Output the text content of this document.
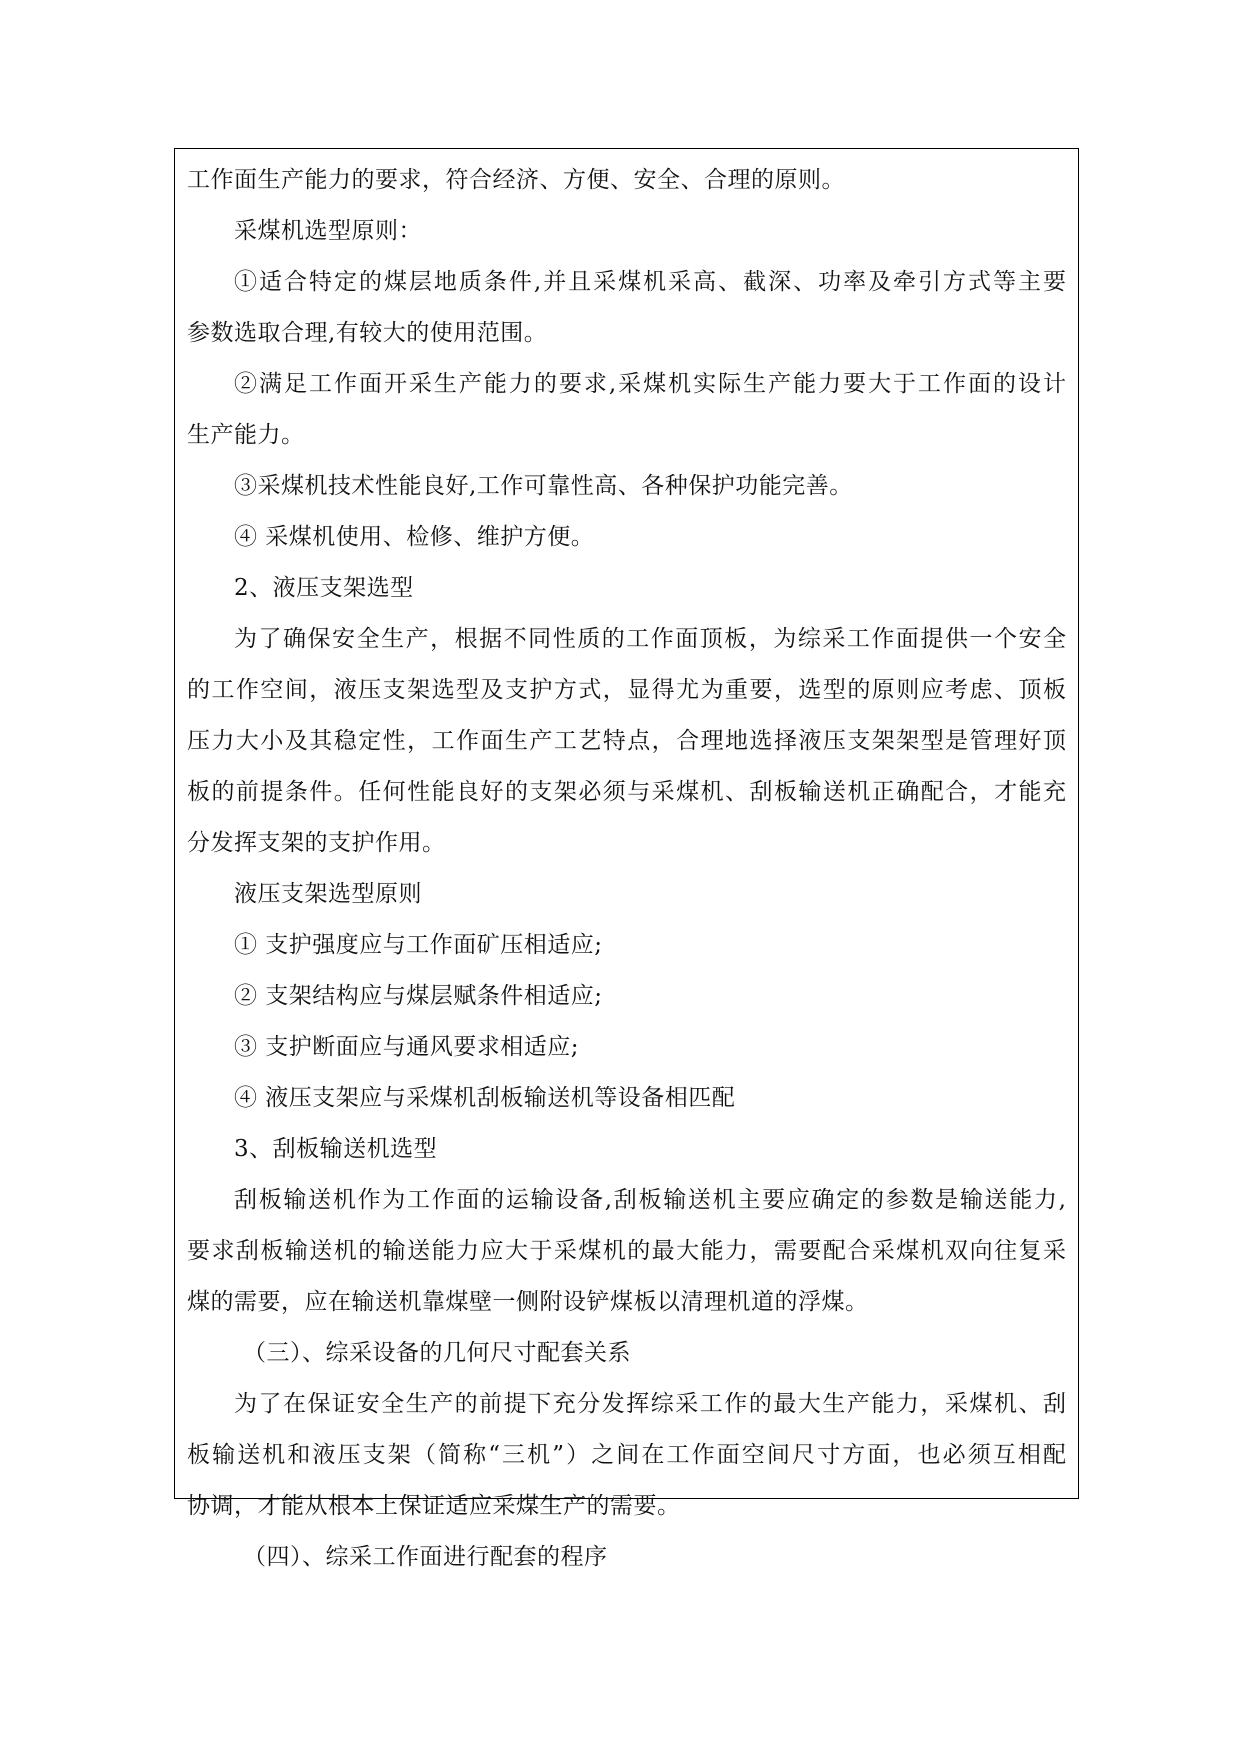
工作面生产能力的要求，符合经济、方便、安全、合理的原则。
采煤机选型原则：
①适合特定的煤层地质条件,并且采煤机采高、截深、功率及牵引方式等主要
参数选取合理,有较大的使用范围。
②满足工作面开采生产能力的要求,采煤机实际生产能力要大于工作面的设计
生产能力。
③采煤机技术性能良好,工作可靠性高、各种保护功能完善。
④ 采煤机使用、检修、维护方便。
2、液压支架选型
为了确保安全生产，根据不同性质的工作面顶板，为综采工作面提供一个安全
的工作空间，液压支架选型及支护方式，显得尤为重要，选型的原则应考虑、顶板
压力大小及其稳定性，工作面生产工艺特点，合理地选择液压支架架型是管理好顶
板的前提条件。任何性能良好的支架必须与采煤机、刮板输送机正确配合，才能充
分发挥支架的支护作用。
液压支架选型原则
① 支护强度应与工作面矿压相适应;
② 支架结构应与煤层赋条件相适应;
③ 支护断面应与通风要求相适应;
④ 液压支架应与采煤机刮板输送机等设备相匹配
3、刮板输送机选型
刮板输送机作为工作面的运输设备,刮板输送机主要应确定的参数是输送能力,
要求刮板输送机的输送能力应大于采煤机的最大能力，需要配合采煤机双向往复采
煤的需要，应在输送机靠煤壁一侧附设铲煤板以清理机道的浮煤。
（三）、综采设备的几何尺寸配套关系
为了在保证安全生产的前提下充分发挥综采工作的最大生产能力，采煤机、刮
板输送机和液压支架（简称“三机”）之间在工作面空间尺寸方面，也必须互相配
协调，才能从根本上保证适应采煤生产的需要。
（四）、综采工作面进行配套的程序
